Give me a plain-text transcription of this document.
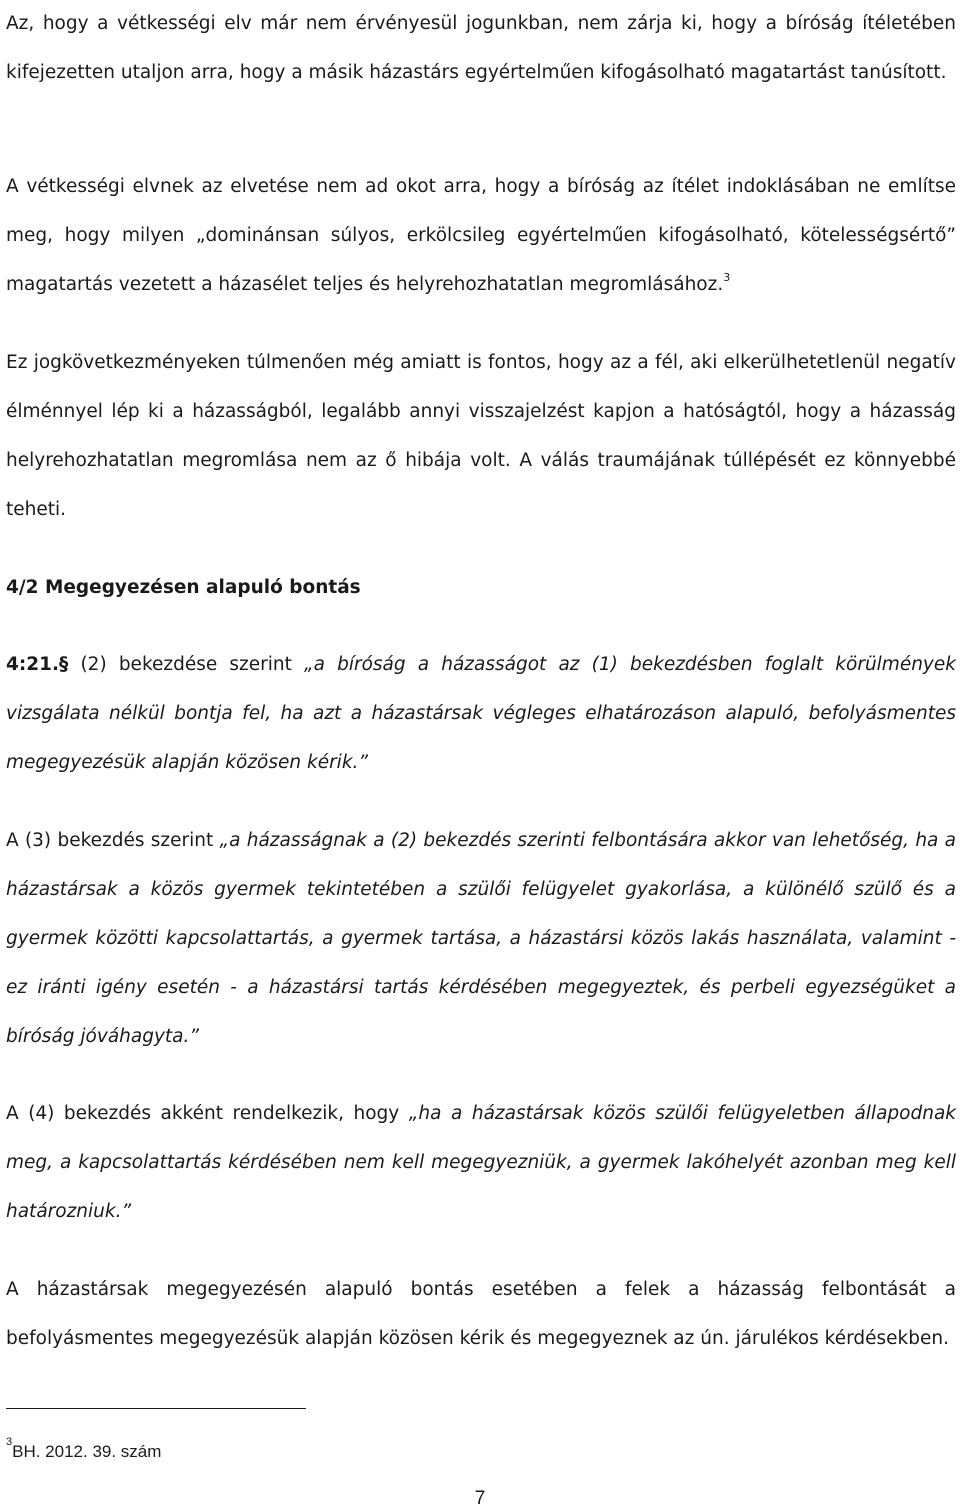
Az, hogy a vétkességi elv már nem érvényesül jogunkban, nem zárja ki, hogy a bíróság ítéletében kifejezetten utaljon arra, hogy a másik házastárs egyértelműen kifogásolható magatartást tanúsított.

A vétkességi elvnek az elvetése nem ad okot arra, hogy a bíróság az ítélet indoklásában ne említse meg, hogy milyen „dominánsan súlyos, erkölcsileg egyértelműen kifogásolható, kötelességsértő” magatartás vezetett a házasélet teljes és helyrehozhatatlan megromlásához.$^3$

Ez jogkövetkezményeken túlmenően még amiatt is fontos, hogy az a fél, aki elkerülhetetlenül negatív élménnyel lép ki a házasságból, legalább annyi visszajelzést kapjon a hatóságtól, hogy a házasság helyrehozhatatlan megromlása nem az ő hibája volt. A válás traumájának túllépését ez könnyebbé teheti.

4/2 Megegyezésen alapuló bontás

4:21.§ (2) bekezdése szerint „a bíróság a házasságot az (1) bekezdésben foglalt körülmények vizsgálata nélkül bontja fel, ha azt a házastársak végleges elhatározáson alapuló, befolyásmentes megegyezésük alapján közösen kérik.”

A (3) bekezdés szerint „a házasságnak a (2) bekezdés szerinti felbontására akkor van lehetőség, ha a házastársak a közös gyermek tekintetében a szülői felügyelet gyakorlása, a különélő szülő és a gyermek közötti kapcsolattartás, a gyermek tartása, a házastársi közös lakás használata, valamint - ez iránti igény esetén - a házastársi tartás kérdésében megegyeztek, és perbeli egyezségüket a bíróság jóváhagyta.”

A (4) bekezdés akként rendelkezik, hogy „ha a házastársak közös szülői felügyeletben állapodnak meg, a kapcsolattartás kérdésében nem kell megegyezniük, a gyermek lakóhelyét azonban meg kell határozniuk.”

A házastársak megegyezésén alapuló bontás esetében a felek a házasság felbontását a befolyásmentes megegyezésük alapján közösen kérik és megegyeznek az ún. járulékos kérdésekben.

$^3$BH. 2012. 39. szám

7
